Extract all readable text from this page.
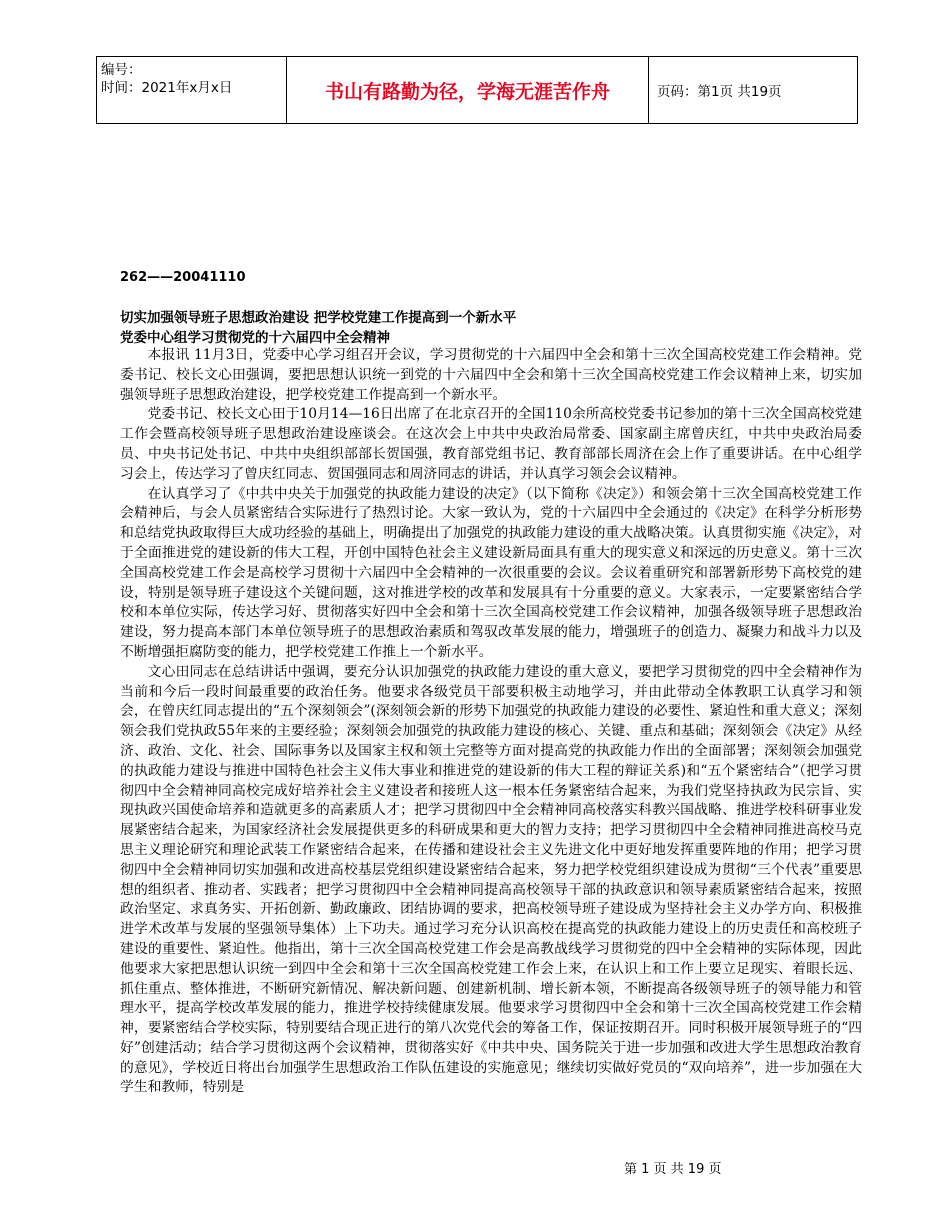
编号：
时间：2021年x月x日	书山有路勤为径，学海无涯苦作舟	页码：第1页 共19页
262——20041110
切实加强领导班子思想政治建设 把学校党建工作提高到一个新水平
党委中心组学习贯彻党的十六届四中全会精神

本报讯 11月3日，党委中心学习组召开会议，学习贯彻党的十六届四中全会和第十三次全国高校党建工作会精神。党委书记、校长文心田强调，要把思想认识统一到党的十六届四中全会和第十三次全国高校党建工作会议精神上来，切实加强领导班子思想政治建设，把学校党建工作提高到一个新水平。

党委书记、校长文心田于10月14—16日出席了在北京召开的全国110余所高校党委书记参加的第十三次全国高校党建工作会暨高校领导班子思想政治建设座谈会。在这次会上中共中央政治局常委、国家副主席曾庆红，中共中央政治局委员、中央书记处书记、中共中央组织部部长贺国强，教育部党组书记、教育部部长周济在会上作了重要讲话。在中心组学习会上，传达学习了曾庆红同志、贺国强同志和周济同志的讲话，并认真学习领会会议精神。

在认真学习了《中共中央关于加强党的执政能力建设的决定》（以下简称《决定》）和领会第十三次全国高校党建工作会精神后，与会人员紧密结合实际进行了热烈讨论。大家一致认为，党的十六届四中全会通过的《决定》在科学分析形势和总结党执政取得巨大成功经验的基础上，明确提出了加强党的执政能力建设的重大战略决策。认真贯彻实施《决定》，对于全面推进党的建设新的伟大工程，开创中国特色社会主义建设新局面具有重大的现实意义和深远的历史意义。第十三次全国高校党建工作会是高校学习贯彻十六届四中全会精神的一次很重要的会议。会议着重研究和部署新形势下高校党的建设，特别是领导班子建设这个关键问题，这对推进学校的改革和发展具有十分重要的意义。大家表示，一定要紧密结合学校和本单位实际，传达学习好、贯彻落实好四中全会和第十三次全国高校党建工作会议精神，加强各级领导班子思想政治建设，努力提高本部门本单位领导班子的思想政治素质和驾驭改革发展的能力，增强班子的创造力、凝聚力和战斗力以及不断增强拒腐防变的能力，把学校党建工作推上一个新水平。

文心田同志在总结讲话中强调，要充分认识加强党的执政能力建设的重大意义，要把学习贯彻党的四中全会精神作为当前和今后一段时间最重要的政治任务。他要求各级党员干部要积极主动地学习，并由此带动全体教职工认真学习和领会，在曾庆红同志提出的“五个深刻领会”(深刻领会新的形势下加强党的执政能力建设的必要性、紧迫性和重大意义；深刻领会我们党执政55年来的主要经验；深刻领会加强党的执政能力建设的核心、关键、重点和基础；深刻领会《决定》从经济、政治、文化、社会、国际事务以及国家主权和领土完整等方面对提高党的执政能力作出的全面部署；深刻领会加强党的执政能力建设与推进中国特色社会主义伟大事业和推进党的建设新的伟大工程的辩证关系)和“五个紧密结合”（把学习贯彻四中全会精神同高校完成好培养社会主义建设者和接班人这一根本任务紧密结合起来，为我们党坚持执政为民宗旨、实现执政兴国使命培养和造就更多的高素质人才；把学习贯彻四中全会精神同高校落实科教兴国战略、推进学校科研事业发展紧密结合起来，为国家经济社会发展提供更多的科研成果和更大的智力支持；把学习贯彻四中全会精神同推进高校马克思主义理论研究和理论武装工作紧密结合起来，在传播和建设社会主义先进文化中更好地发挥重要阵地的作用；把学习贯彻四中全会精神同切实加强和改进高校基层党组织建设紧密结合起来，努力把学校党组织建设成为贯彻“三个代表”重要思想的组织者、推动者、实践者；把学习贯彻四中全会精神同提高高校领导干部的执政意识和领导素质紧密结合起来，按照政治坚定、求真务实、开拓创新、勤政廉政、团结协调的要求，把高校领导班子建设成为坚持社会主义办学方向、积极推进学术改革与发展的坚强领导集体）上下功夫。通过学习充分认识高校在提高党的执政能力建设上的历史责任和高校班子建设的重要性、紧迫性。他指出，第十三次全国高校党建工作会是高教战线学习贯彻党的四中全会精神的实际体现，因此他要求大家把思想认识统一到四中全会和第十三次全国高校党建工作会上来，在认识上和工作上要立足现实、着眼长远、抓住重点、整体推进，不断研究新情况、解决新问题、创建新机制、增长新本领，不断提高各级领导班子的领导能力和管理水平，提高学校改革发展的能力，推进学校持续健康发展。他要求学习贯彻四中全会和第十三次全国高校党建工作会精神，要紧密结合学校实际，特别要结合现正进行的第八次党代会的筹备工作，保证按期召开。同时积极开展领导班子的“四好”创建活动；结合学习贯彻这两个会议精神，贯彻落实好《中共中央、国务院关于进一步加强和改进大学生思想政治教育的意见》，学校近日将出台加强学生思想政治工作队伍建设的实施意见；继续切实做好党员的“双向培养”，进一步加强在大学生和教师，特别是

第 1 页 共 19 页
